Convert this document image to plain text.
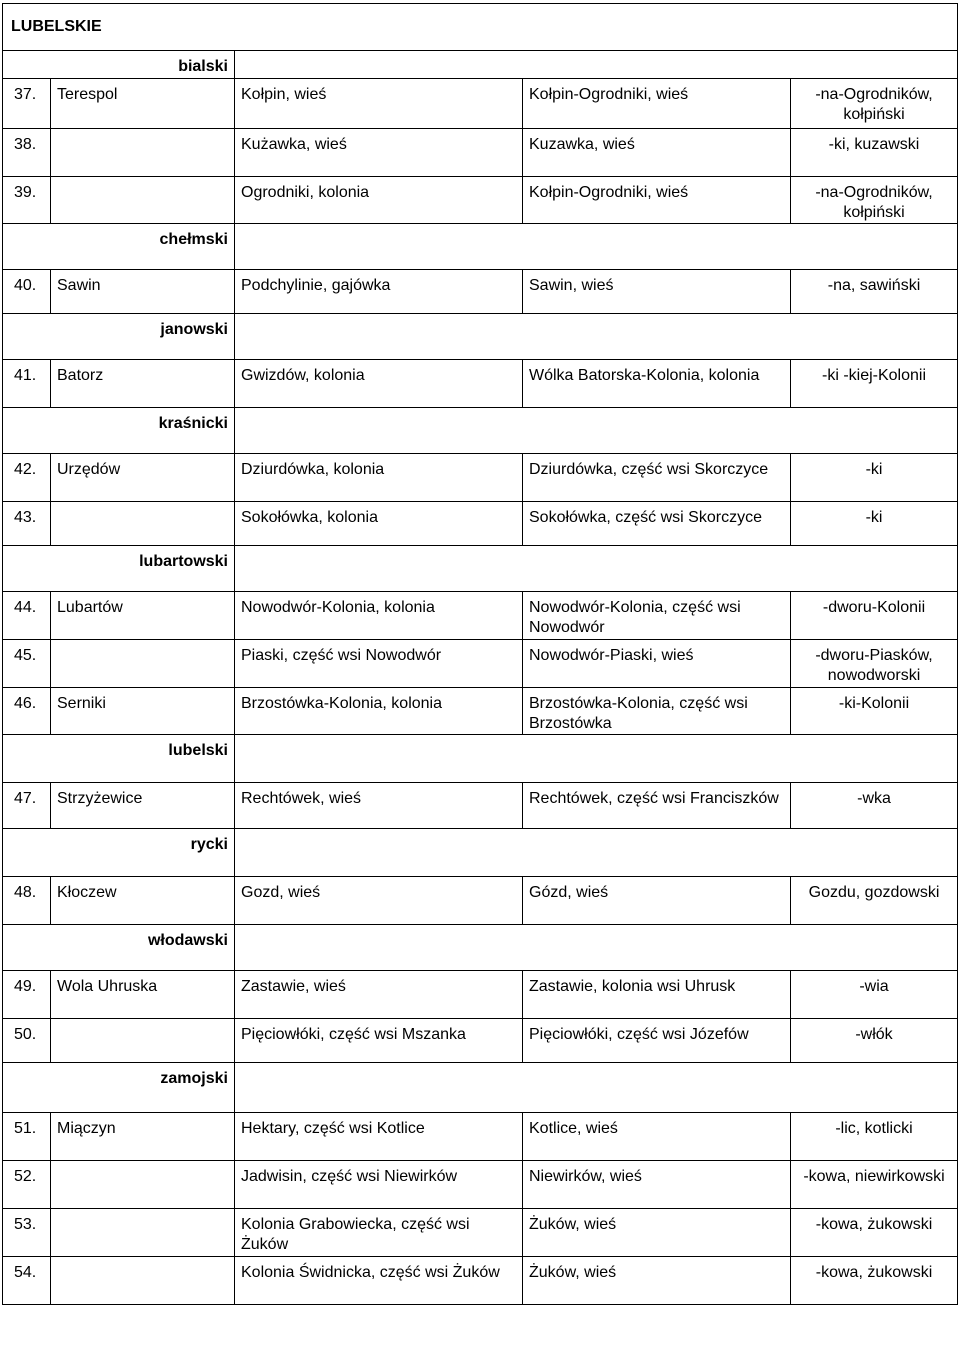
LUBELSKIE				
bialski				
37.	Terespol	Kołpin, wieś	Kołpin-Ogrodniki, wieś	-na-Ogrodników, kołpiński
38.		Kużawka, wieś	Kuzawka, wieś	-ki, kuzawski
39.		Ogrodniki, kolonia	Kołpin-Ogrodniki, wieś	-na-Ogrodników, kołpiński
chełmski				
40.	Sawin	Podchylinie, gajówka	Sawin, wieś	-na, sawiński
janowski				
41.	Batorz	Gwizdów, kolonia	Wólka Batorska-Kolonia, kolonia	-ki -kiej-Kolonii
kraśnicki				
42.	Urzędów	Dziurdówka, kolonia	Dziurdówka, część wsi Skorczyce	-ki
43.		Sokołówka, kolonia	Sokołówka, część wsi Skorczyce	-ki
lubartowski				
44.	Lubartów	Nowodwór-Kolonia, kolonia	Nowodwór-Kolonia, część wsi Nowodwór	-dworu-Kolonii
45.		Piaski, część wsi Nowodwór	Nowodwór-Piaski, wieś	-dworu-Piasków, nowodworski
46.	Serniki	Brzostówka-Kolonia, kolonia	Brzostówka-Kolonia, część wsi Brzostówka	-ki-Kolonii
lubelski				
47.	Strzyżewice	Rechtówek, wieś	Rechtówek, część wsi Franciszków	-wka
rycki				
48.	Kłoczew	Gozd, wieś	Gózd, wieś	Gozdu, gozdowski
włodawski				
49.	Wola Uhruska	Zastawie, wieś	Zastawie, kolonia wsi Uhrusk	-wia
50.		Pięciowłóki, część wsi Mszanka	Pięciowłóki, część wsi Józefów	-włók
zamojski				
51.	Miączyn	Hektary, część wsi Kotlice	Kotlice, wieś	-lic, kotlicki
52.		Jadwisin, część wsi Niewirków	Niewirków, wieś	-kowa, niewirkowski
53.		Kolonia Grabowiecka, część wsi Żuków	Żuków, wieś	-kowa, żukowski
54.		Kolonia Świdnicka, część wsi Żuków	Żuków, wieś	-kowa, żukowski
